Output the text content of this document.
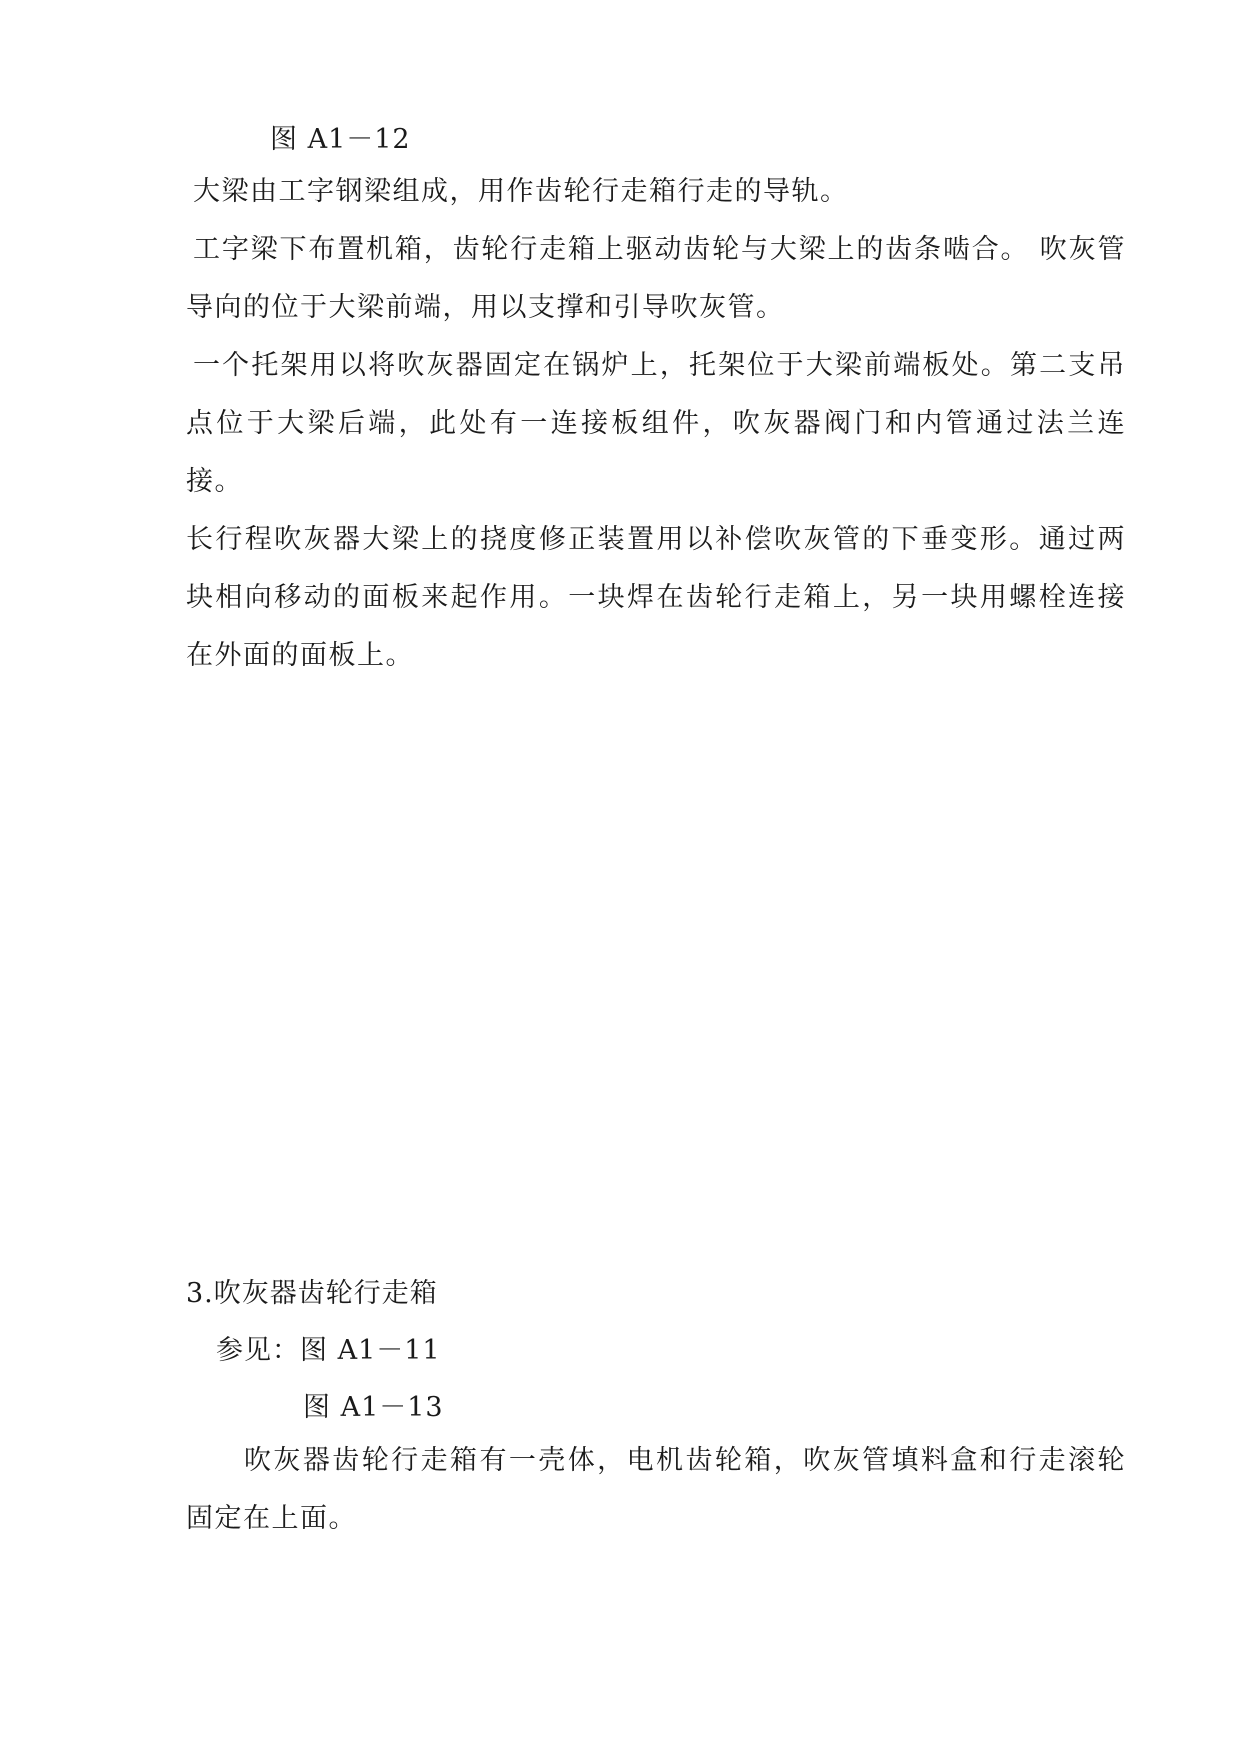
图 A1－12
大梁由工字钢梁组成，用作齿轮行走箱行走的导轨。
工字梁下布置机箱，齿轮行走箱上驱动齿轮与大梁上的齿条啮合。 吹灰管导向的位于大梁前端，用以支撑和引导吹灰管。
一个托架用以将吹灰器固定在锅炉上，托架位于大梁前端板处。第二支吊点位于大梁后端，此处有一连接板组件，吹灰器阀门和内管通过法兰连接。
长行程吹灰器大梁上的挠度修正装置用以补偿吹灰管的下垂变形。通过两块相向移动的面板来起作用。一块焊在齿轮行走箱上，另一块用螺栓连接在外面的面板上。
3.吹灰器齿轮行走箱
参见：图 A1－11
图 A1－13
吹灰器齿轮行走箱有一壳体，电机齿轮箱，吹灰管填料盒和行走滚轮固定在上面。
